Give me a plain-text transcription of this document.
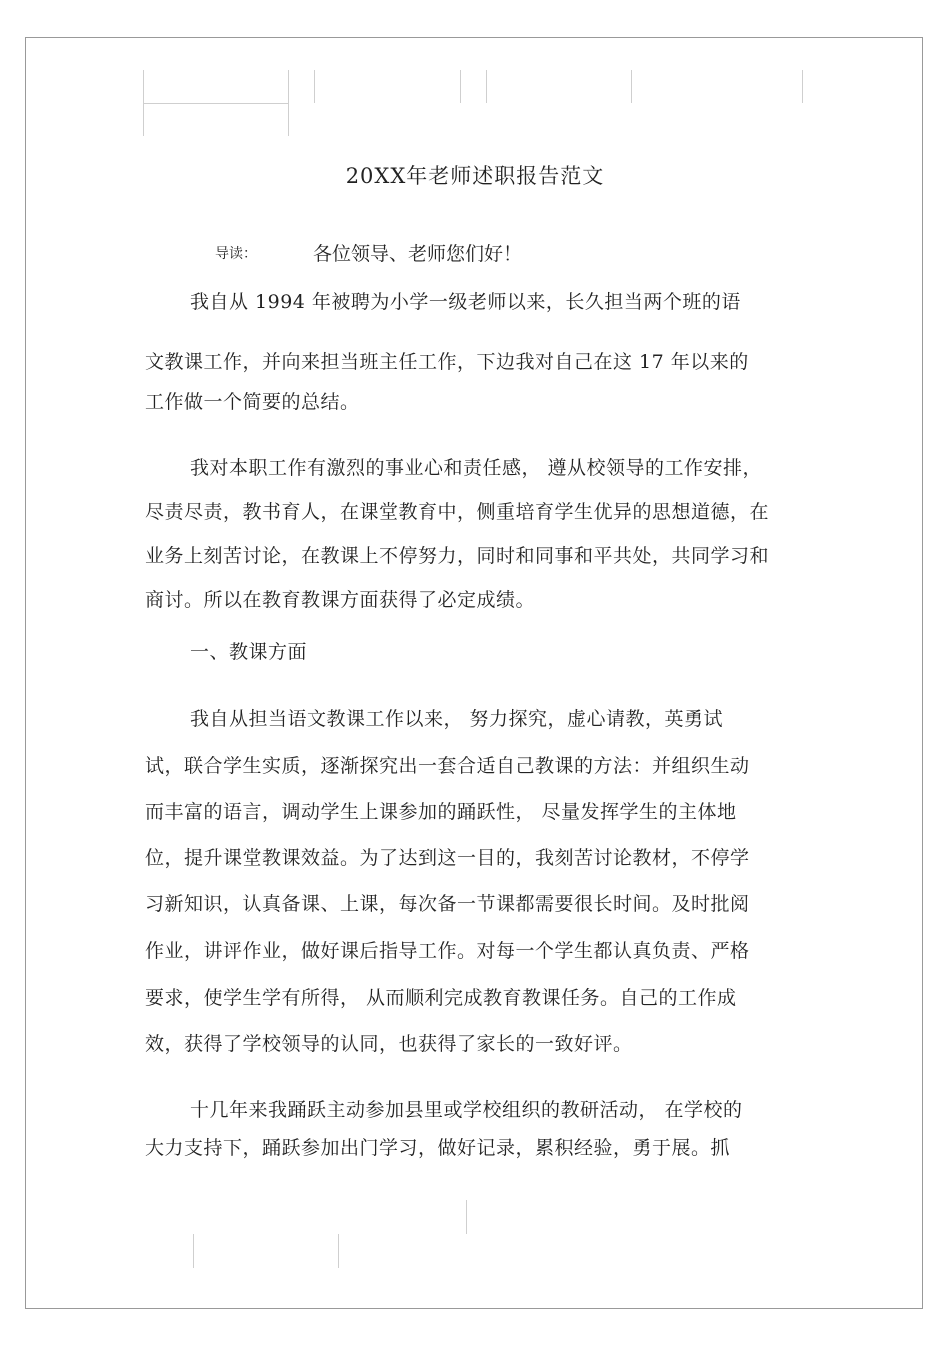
20XX年老师述职报告范文
导读：	各位领导、老师您们好！
我自从 1994 年被聘为小学一级老师以来，长久担当两个班的语
文教课工作，并向来担当班主任工作，下边我对自己在这 17 年以来的
工作做一个简要的总结。
我对本职工作有激烈的事业心和责任感， 遵从校领导的工作安排，
尽责尽责，教书育人，在课堂教育中，侧重培育学生优异的思想道德，在
业务上刻苦讨论，在教课上不停努力，同时和同事和平共处，共同学习和
商讨。所以在教育教课方面获得了必定成绩。
一、教课方面
我自从担当语文教课工作以来， 努力探究，虚心请教，英勇试
试，联合学生实质，逐渐探究出一套合适自己教课的方法：并组织生动
而丰富的语言，调动学生上课参加的踊跃性， 尽量发挥学生的主体地
位，提升课堂教课效益。为了达到这一目的，我刻苦讨论教材，不停学
习新知识，认真备课、上课，每次备一节课都需要很长时间。及时批阅
作业，讲评作业，做好课后指导工作。对每一个学生都认真负责、严格
要求，使学生学有所得， 从而顺利完成教育教课任务。自己的工作成
效，获得了学校领导的认同，也获得了家长的一致好评。
十几年来我踊跃主动参加县里或学校组织的教研活动， 在学校的
大力支持下，踊跃参加出门学习，做好记录，累积经验，勇于展。抓
